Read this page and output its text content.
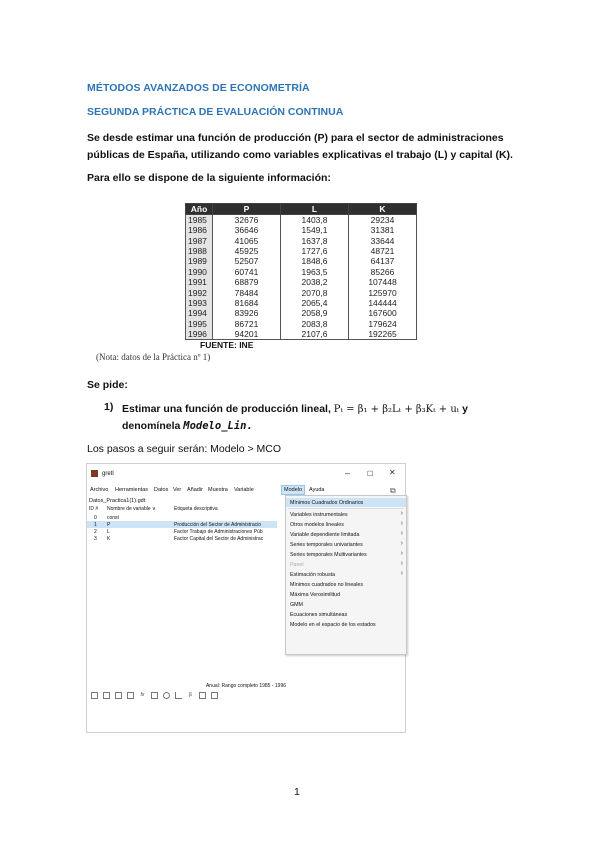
MÉTODOS AVANZADOS DE ECONOMETRÍA
SEGUNDA PRÁCTICA DE EVALUACIÓN CONTINUA
Se desde estimar una función de producción (P) para el sector de administraciones públicas de España, utilizando como variables explicativas el trabajo (L) y capital (K).
Para ello se dispone de la siguiente información:
Año	P	L	K
1985	32676	1403,8	29234
1986	36646	1549,1	31381
1987	41065	1637,8	33644
1988	45925	1727,6	48721
1989	52507	1848,6	64137
1990	60741	1963,5	85266
1991	68879	2038,2	107448
1992	78484	2070,8	125970
1993	81684	2065,4	144444
1994	83926	2058,9	167600
1995	86721	2083,8	179624
1996	94201	2107,6	192265
FUENTE: INE
(Nota: datos de la Práctica nº 1)
Se pide:
1) Estimar una función de producción lineal, Pₜ = β₁ + β₂Lₜ + β₃Kₜ + uₜ y
denomínela Modelo_Lin.
Los pasos a seguir serán: Modelo > MCO
gretl	– ☐ ✕
Archivo Herramientas Datos Ver Añadir Muestra Variable	Modelo	Ayuda	⧉
Datos_Practica1(1).gdt
ID # Nombre de variable ∨	Etiqueta descriptiva
0 const
1 P	Producción del Sector de Administracio
2 L	Factor Trabajo de Administraciones Púb
3 K	Factor Capital del Sector de Administrac
Mínimos Cuadrados Ordinarios
Variables instrumentales	›
Otros modelos lineales	›
Variable dependiente limitada	›
Series temporales univariantes	›
Series temporales Multivariantes	›
Panel	›
Estimación robusta	›
Mínimos cuadrados no lineales
Máxima Verosimilitud
GMM
Ecuaciones simultáneas
Modelo en el espacio de los estados
Anual: Rango completo 1985 - 1996
fx	β
1
